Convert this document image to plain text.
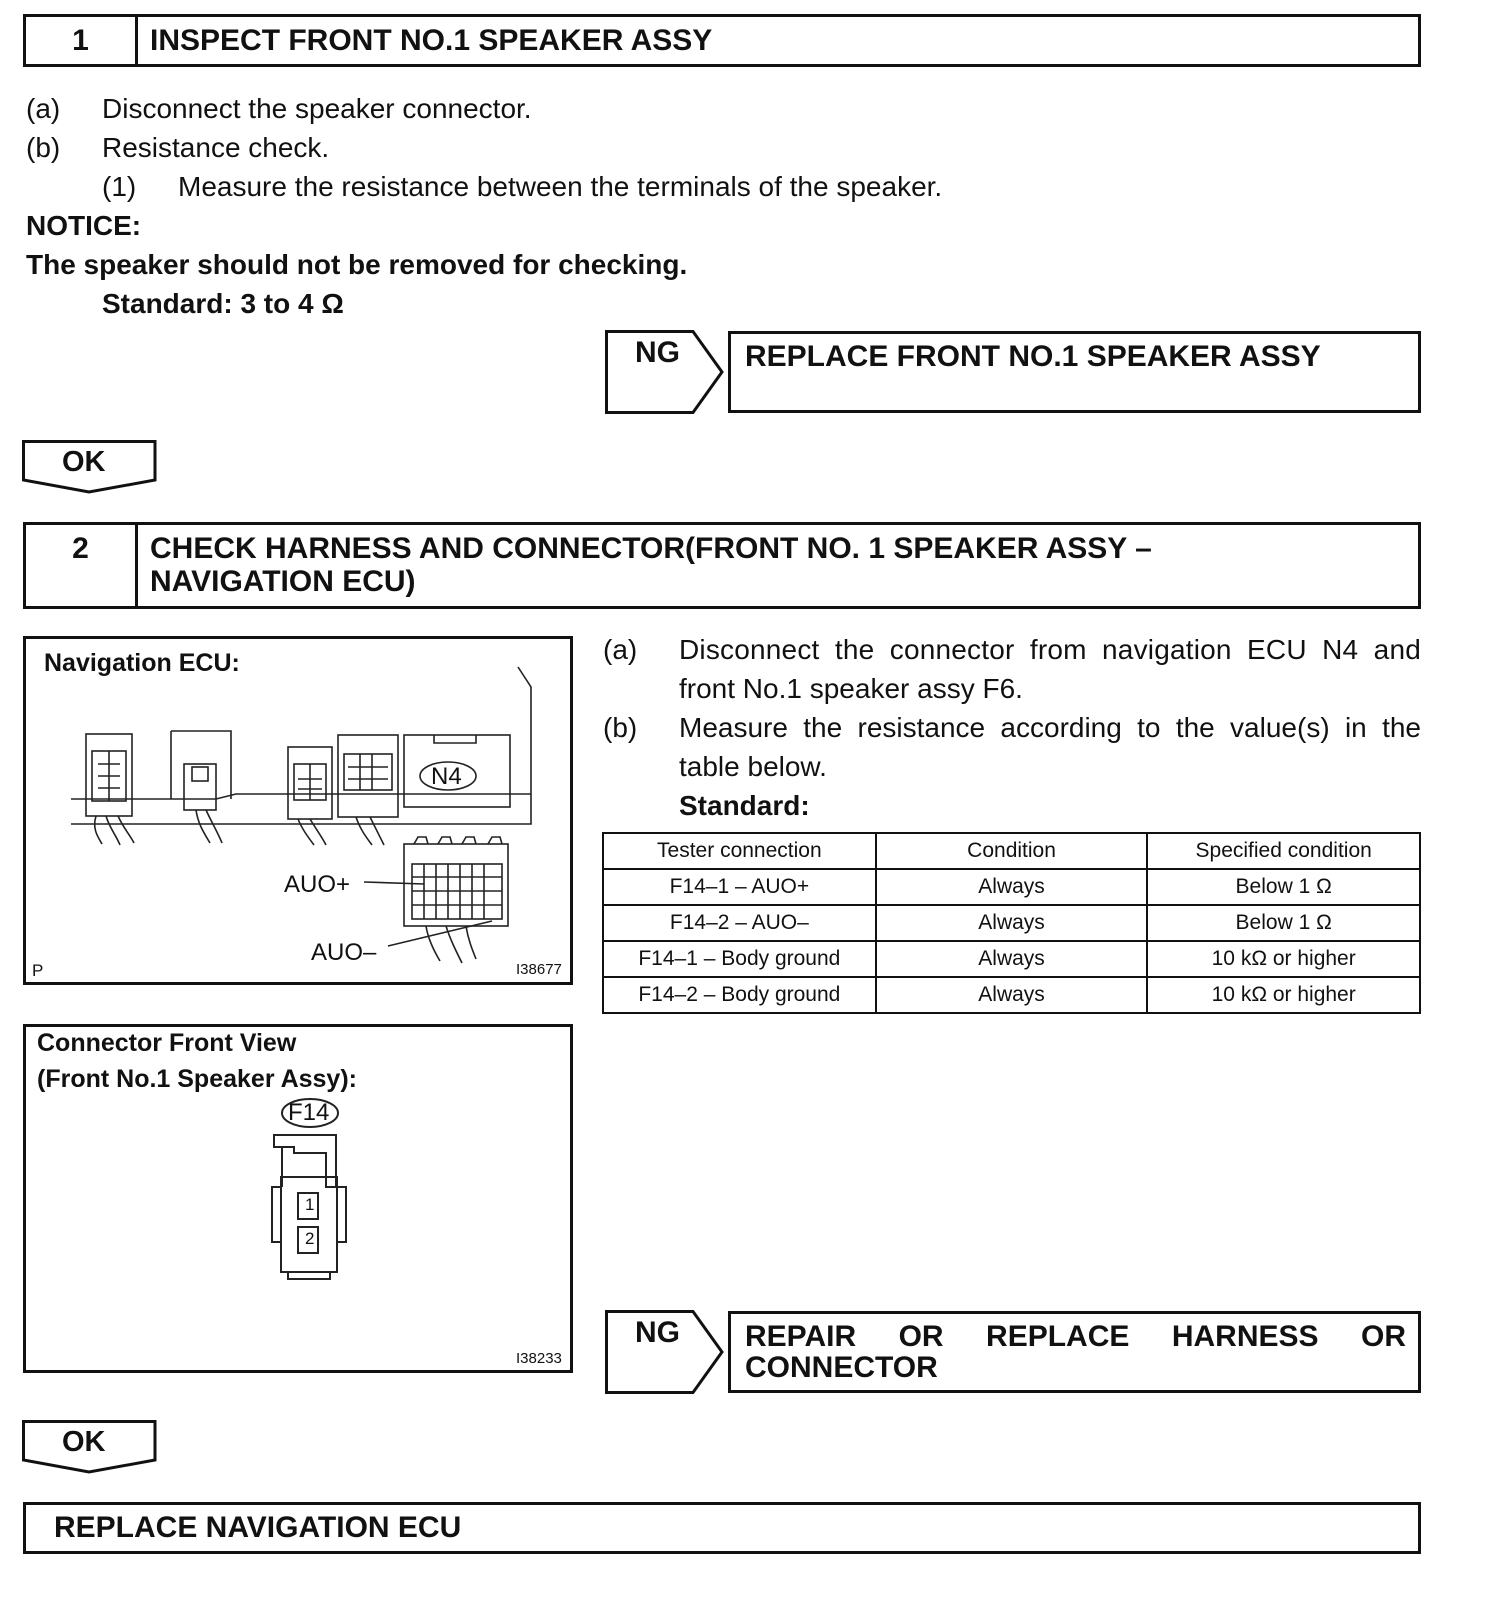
1	INSPECT FRONT NO.1 SPEAKER ASSY
(a) Disconnect the speaker connector.
(b) Resistance check.
(1) Measure the resistance between the terminals of the speaker.
NOTICE:
The speaker should not be removed for checking.
Standard: 3 to 4 Ω
NG	REPLACE FRONT NO.1 SPEAKER ASSY
OK
2	CHECK HARNESS AND CONNECTOR(FRONT NO. 1 SPEAKER ASSY –
NAVIGATION ECU)
Navigation ECU:
N4
AUO+
AUO–
P	I38677
Connector Front View
(Front No.1 Speaker Assy):
F14
1
2
I38233
(a) Disconnect the connector from navigation ECU N4 and
front No.1 speaker assy F6.
(b) Measure the resistance according to the value(s) in the
table below.
Standard:
Tester connection	Condition	Specified condition
F14–1 – AUO+	Always	Below 1 Ω
F14–2 – AUO–	Always	Below 1 Ω
F14–1 – Body ground	Always	10 kΩ or higher
F14–2 – Body ground	Always	10 kΩ or higher
NG REPAIR OR REPLACE HARNESS OR
CONNECTOR
OK
REPLACE NAVIGATION ECU
